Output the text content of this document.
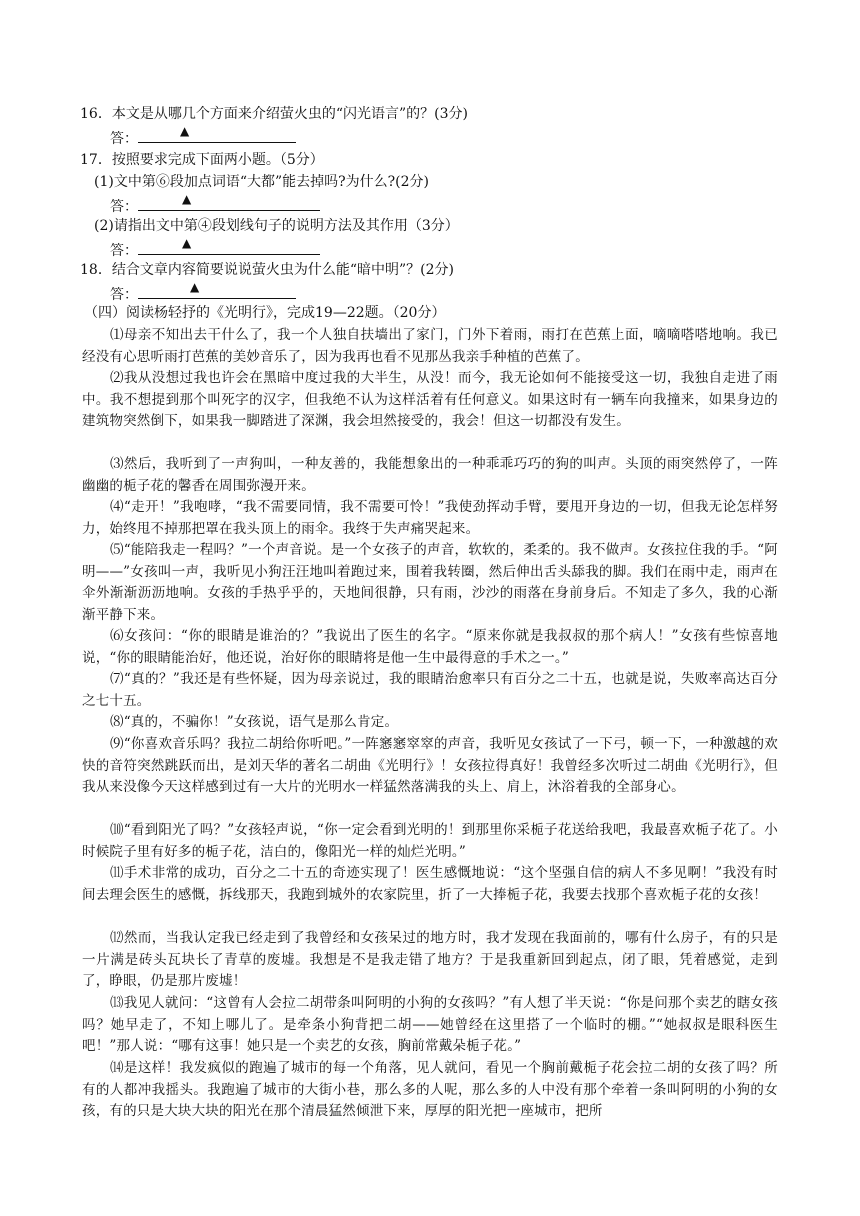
16．本文是从哪几个方面来介绍萤火虫的“闪光语言”的？(3分)
答：	▲
17．按照要求完成下面两小题。（5分）
(1)文中第⑥段加点词语“大都”能去掉吗?为什么?(2分)
答：	▲
(2)请指出文中第④段划线句子的说明方法及其作用（3分）
答：	▲
18．结合文章内容简要说说萤火虫为什么能“暗中明”？(2分)
答：	▲
（四）阅读杨轻抒的《光明行》，完成19—22题。（20分）
⑴母亲不知出去干什么了，我一个人独自扶墙出了家门，门外下着雨，雨打在芭蕉上面，嘀嘀嗒嗒地响。我已经没有心思听雨打芭蕉的美妙音乐了，因为我再也看不见那丛我亲手种植的芭蕉了。
⑵我从没想过我也许会在黑暗中度过我的大半生，从没！而今，我无论如何不能接受这一切，我独自走进了雨中。我不想提到那个叫死字的汉字，但我绝不认为这样活着有任何意义。如果这时有一辆车向我撞来，如果身边的建筑物突然倒下，如果我一脚踏进了深渊，我会坦然接受的，我会！但这一切都没有发生。
⑶然后，我听到了一声狗叫，一种友善的，我能想象出的一种乖乖巧巧的狗的叫声。头顶的雨突然停了，一阵幽幽的栀子花的馨香在周围弥漫开来。
⑷“走开！”我咆哮，“我不需要同情，我不需要可怜！”我使劲挥动手臂，要甩开身边的一切，但我无论怎样努力，始终甩不掉那把罩在我头顶上的雨伞。我终于失声痛哭起来。
⑸“能陪我走一程吗？”一个声音说。是一个女孩子的声音，软软的，柔柔的。我不做声。女孩拉住我的手。“阿明——”女孩叫一声，我听见小狗汪汪地叫着跑过来，围着我转圈，然后伸出舌头舔我的脚。我们在雨中走，雨声在伞外渐渐沥沥地响。女孩的手热乎乎的，天地间很静，只有雨，沙沙的雨落在身前身后。不知走了多久，我的心渐渐平静下来。
⑹女孩问：“你的眼睛是谁治的？”我说出了医生的名字。“原来你就是我叔叔的那个病人！”女孩有些惊喜地说，“你的眼睛能治好，他还说，治好你的眼睛将是他一生中最得意的手术之一。”
⑺“真的？”我还是有些怀疑，因为母亲说过，我的眼睛治愈率只有百分之二十五，也就是说，失败率高达百分之七十五。
⑻“真的，不骗你！”女孩说，语气是那么肯定。
⑼“你喜欢音乐吗？我拉二胡给你听吧。”一阵窸窸窣窣的声音，我听见女孩试了一下弓，顿一下，一种激越的欢快的音符突然跳跃而出，是刘天华的著名二胡曲《光明行》！女孩拉得真好！我曾经多次听过二胡曲《光明行》，但我从来没像今天这样感到过有一大片的光明水一样猛然落满我的头上、肩上，沐浴着我的全部身心。
⑽“看到阳光了吗？”女孩轻声说，“你一定会看到光明的！到那里你采栀子花送给我吧，我最喜欢栀子花了。小时候院子里有好多的栀子花，洁白的，像阳光一样的灿烂光明。”
⑾手术非常的成功，百分之二十五的奇迹实现了！医生感慨地说：“这个坚强自信的病人不多见啊！”我没有时间去理会医生的感慨，拆线那天，我跑到城外的农家院里，折了一大捧栀子花，我要去找那个喜欢栀子花的女孩！
⑿然而，当我认定我已经走到了我曾经和女孩呆过的地方时，我才发现在我面前的，哪有什么房子，有的只是一片满是砖头瓦块长了青草的废墟。我想是不是我走错了地方？于是我重新回到起点，闭了眼，凭着感觉，走到了，睁眼，仍是那片废墟！
⒀我见人就问：“这曾有人会拉二胡带条叫阿明的小狗的女孩吗？”有人想了半天说：“你是问那个卖艺的瞎女孩吗？她早走了，不知上哪儿了。是牵条小狗背把二胡——她曾经在这里搭了一个临时的棚。”“她叔叔是眼科医生吧！”那人说：“哪有这事！她只是一个卖艺的女孩，胸前常戴朵栀子花。”
⒁是这样！我发疯似的跑遍了城市的每一个角落，见人就问，看见一个胸前戴栀子花会拉二胡的女孩了吗？所有的人都冲我摇头。我跑遍了城市的大街小巷，那么多的人呢，那么多的人中没有那个牵着一条叫阿明的小狗的女孩，有的只是大块大块的阳光在那个清晨猛然倾泄下来，厚厚的阳光把一座城市，把所
